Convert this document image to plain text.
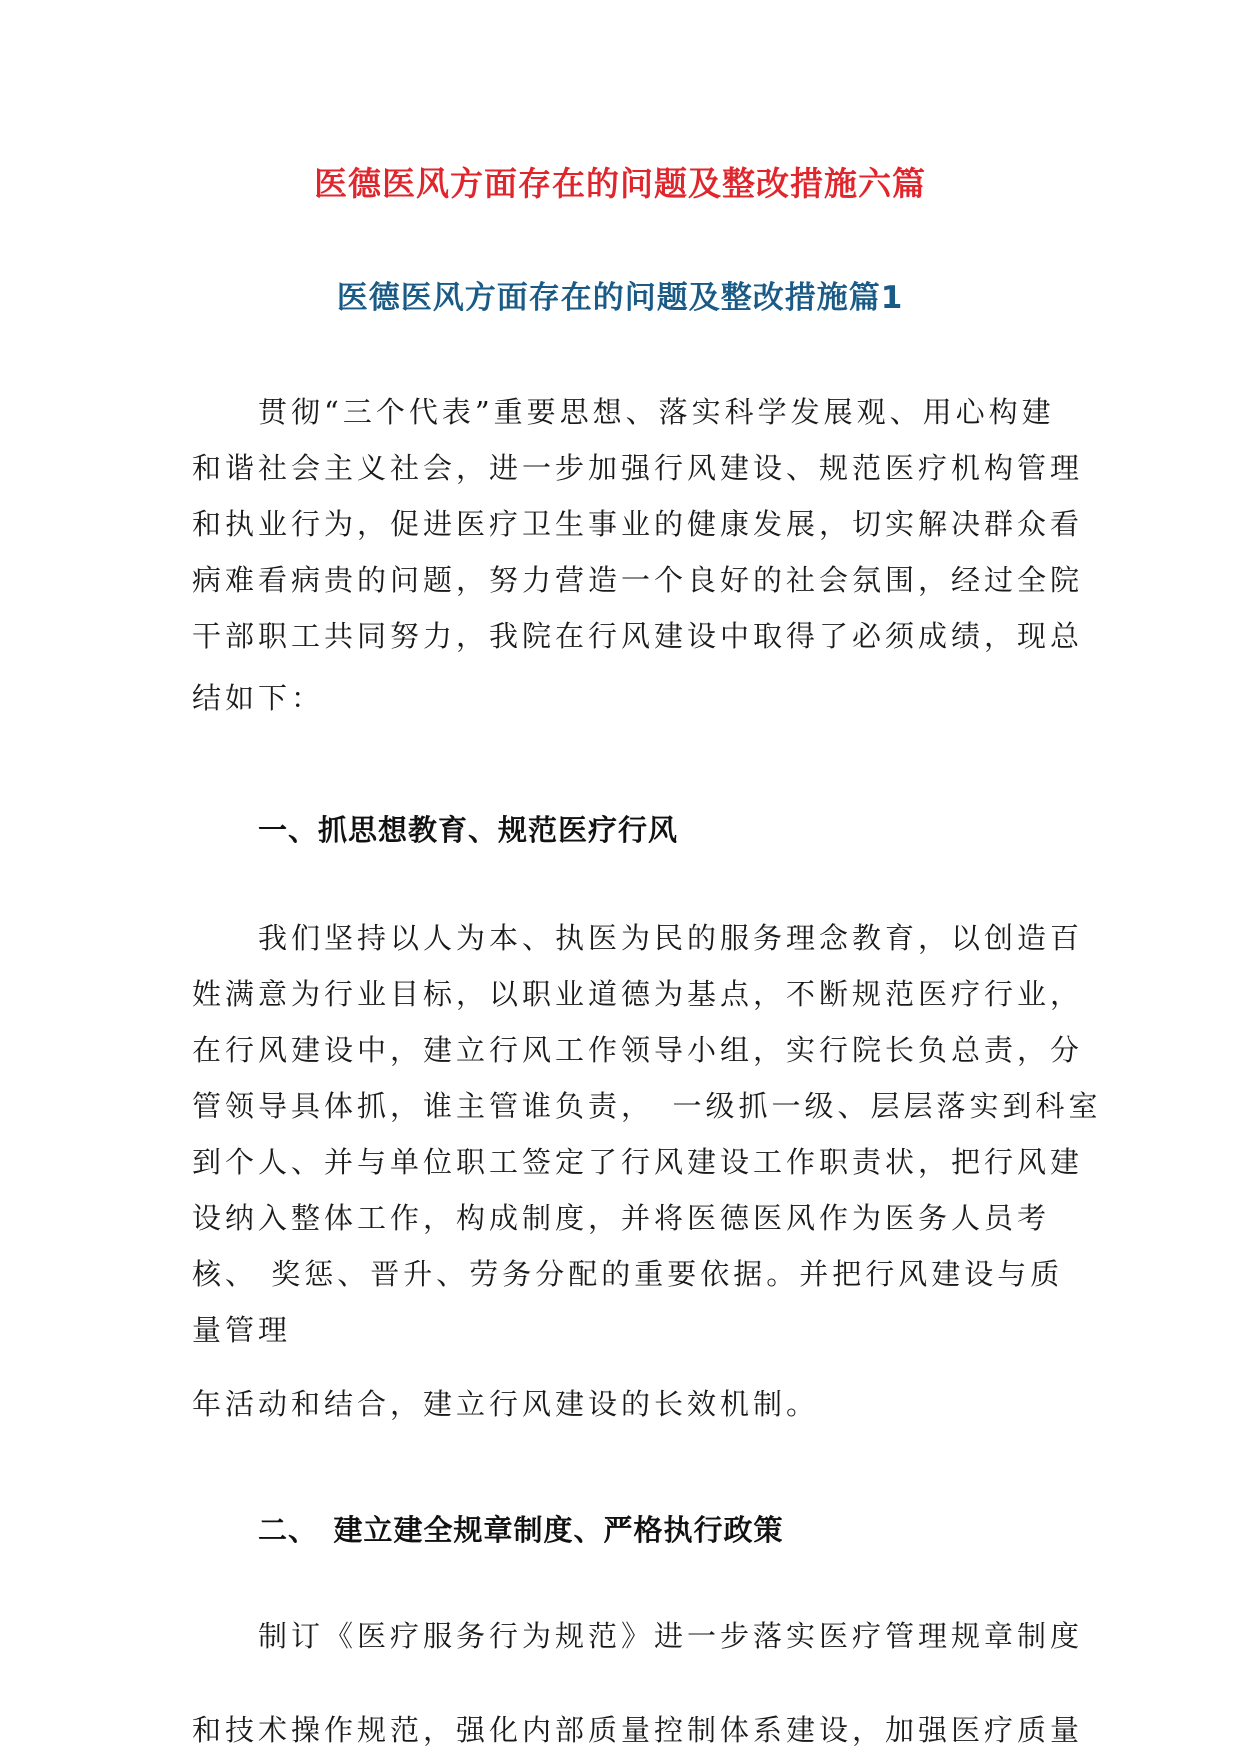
医德医风方面存在的问题及整改措施六篇
医德医风方面存在的问题及整改措施篇1
贯彻“三个代表”重要思想、落实科学发展观、用心构建
和谐社会主义社会，进一步加强行风建设、规范医疗机构管理
和执业行为，促进医疗卫生事业的健康发展，切实解决群众看
病难看病贵的问题，努力营造一个良好的社会氛围，经过全院
干部职工共同努力，我院在行风建设中取得了必须成绩，现总
结如下：
一、抓思想教育、规范医疗行风
我们坚持以人为本、执医为民的服务理念教育，以创造百
姓满意为行业目标，以职业道德为基点，不断规范医疗行业，
在行风建设中，建立行风工作领导小组，实行院长负总责，分
管领导具体抓，谁主管谁负责，　一级抓一级、层层落实到科室
到个人、并与单位职工签定了行风建设工作职责状，把行风建
设纳入整体工作，构成制度，并将医德医风作为医务人员考
核、 奖惩、晋升、劳务分配的重要依据。并把行风建设与质
量管理
年活动和结合，建立行风建设的长效机制。
二、　建立建全规章制度、严格执行政策
制订《医疗服务行为规范》进一步落实医疗管理规章制度
和技术操作规范，强化内部质量控制体系建设，加强医疗质量
